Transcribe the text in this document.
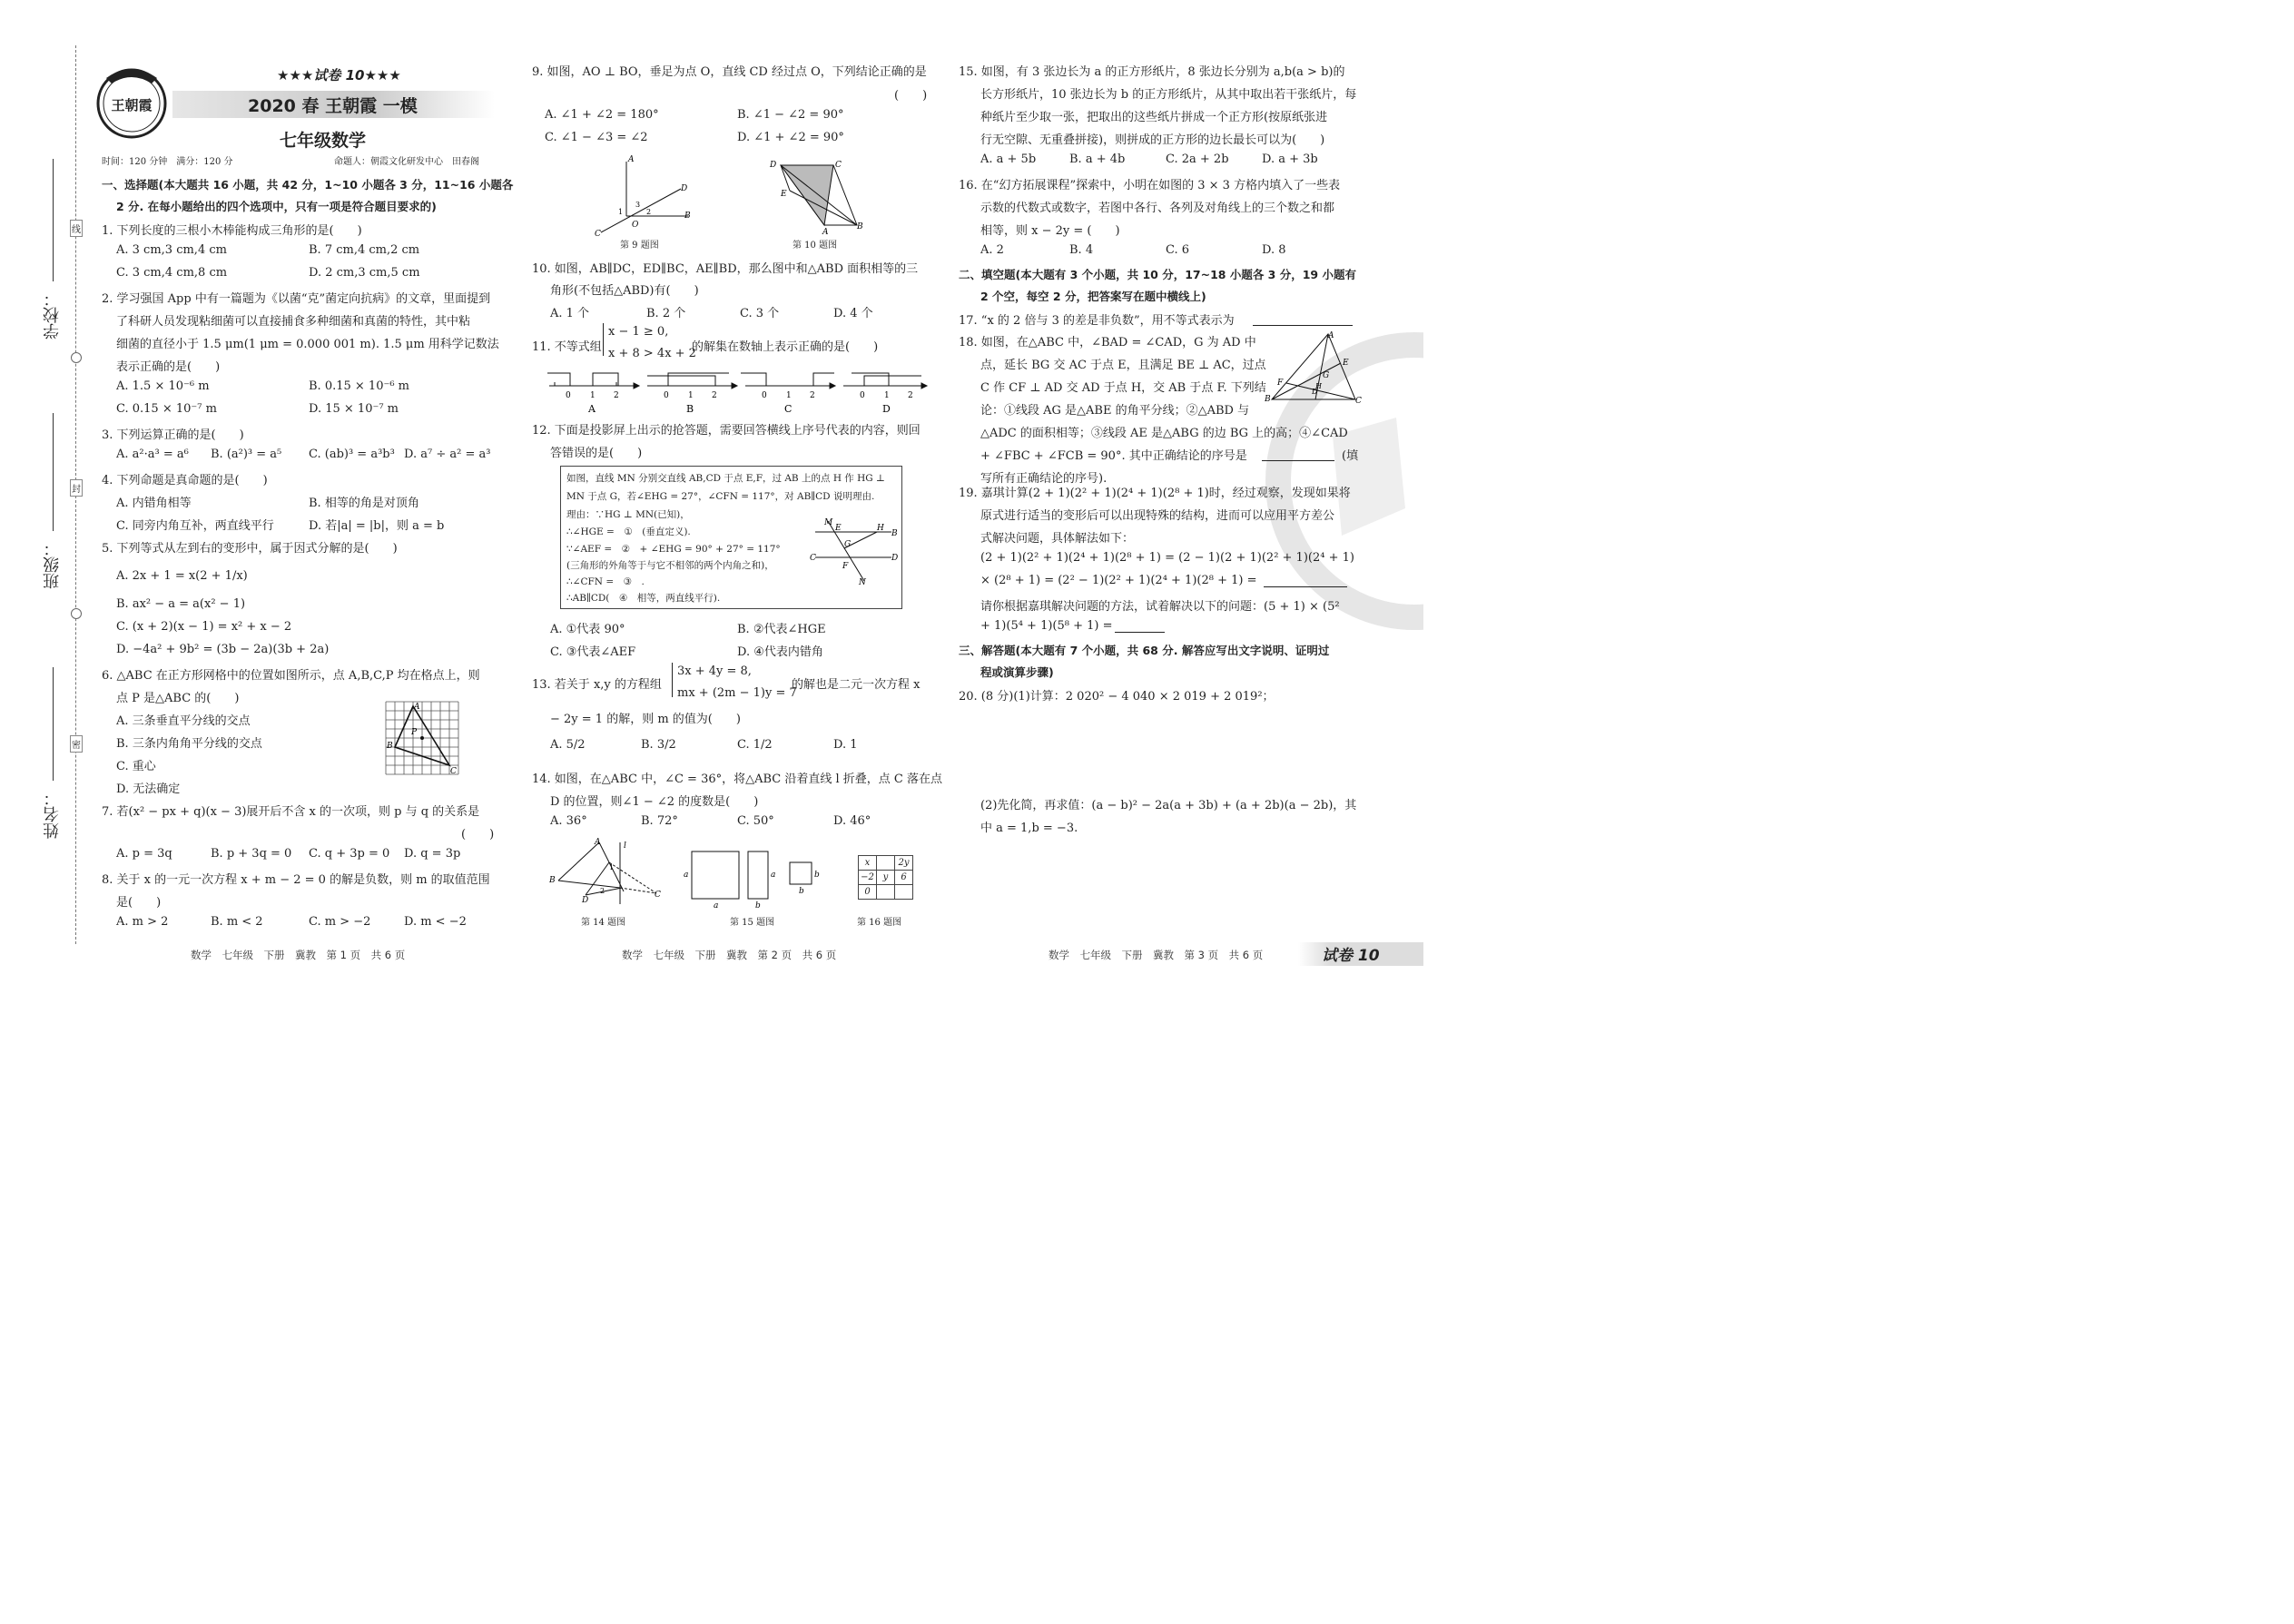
学校：
班级：
姓名：
线
封
密
王朝霞
★★★试卷 10★★★
2020 春 王朝霞 一模
七年级数学
时间：120 分钟　满分：120 分	命题人：朝霞文化研发中心　田春阁
一、选择题(本大题共 16 小题，共 42 分，1~10 小题各 3 分，11~16 小题各
2 分. 在每小题给出的四个选项中，只有一项是符合题目要求的)
1. 下列长度的三根小木棒能构成三角形的是(　　)
A. 3 cm,3 cm,4 cm	B. 7 cm,4 cm,2 cm
C. 3 cm,4 cm,8 cm	D. 2 cm,3 cm,5 cm
2. 学习强国 App 中有一篇题为《以菌“克”菌定向抗病》的文章，里面提到
了科研人员发现粘细菌可以直接捕食多种细菌和真菌的特性，其中粘
细菌的直径小于 1.5 μm(1 μm = 0.000 001 m). 1.5 μm 用科学记数法
表示正确的是(　　)
A. 1.5 × 10⁻⁶ m	B. 0.15 × 10⁻⁶ m
C. 0.15 × 10⁻⁷ m	D. 15 × 10⁻⁷ m
3. 下列运算正确的是(　　)
A. a²·a³ = a⁶ B. (a²)³ = a⁵ C. (ab)³ = a³b³ D. a⁷ ÷ a² = a³
4. 下列命题是真命题的是(　　)
A. 内错角相等	B. 相等的角是对顶角
C. 同旁内角互补，两直线平行	D. 若|a| = |b|，则 a = b
5. 下列等式从左到右的变形中，属于因式分解的是(　　)
A. 2x + 1 = x(2 + 1/x)
B. ax² − a = a(x² − 1)
C. (x + 2)(x − 1) = x² + x − 2
D. −4a² + 9b² = (3b − 2a)(3b + 2a)
6. △ABC 在正方形网格中的位置如图所示，点 A,B,C,P 均在格点上，则
点 P 是△ABC 的(　　)
A. 三条垂直平分线的交点
B. 三条内角角平分线的交点
C. 重心
D. 无法确定
A
B
C
P
7. 若(x² − px + q)(x − 3)展开后不含 x 的一次项，则 p 与 q 的关系是
(　　)
A. p = 3q	B. p + 3q = 0 C. q + 3p = 0 D. q = 3p
8. 关于 x 的一元一次方程 x + m − 2 = 0 的解是负数，则 m 的取值范围
是(　　)
A. m > 2	B. m < 2	C. m > −2	D. m < −2
9. 如图，AO ⊥ BO，垂足为点 O，直线 CD 经过点 O，下列结论正确的是
(　　)
A. ∠1 + ∠2 = 180°	B. ∠1 − ∠2 = 90°
C. ∠1 − ∠3 = ∠2	D. ∠1 + ∠2 = 90°
A
B
D
C
O
1
3
2
第 9 题图
D	C
E
A
B
第 10 题图
10. 如图，AB∥DC，ED∥BC，AE∥BD，那么图中和△ABD 面积相等的三
角形(不包括△ABD)有(　　)
A. 1 个	B. 2 个	C. 3 个	D. 4 个
11. 不等式组
x − 1 ≥ 0,
x + 8 > 4x + 2
的解集在数轴上表示正确的是(　　)
0 1 2	0 1 2	0 1 2	0 1 2
A	B	C	D
12. 下面是投影屏上出示的抢答题，需要回答横线上序号代表的内容，则回
答错误的是(　　)
如图，直线 MN 分别交直线 AB,CD 于点 E,F，过 AB 上的点 H 作 HG ⊥
MN 于点 G，若∠EHG = 27°，∠CFN = 117°，对 AB∥CD 说明理由.
理由：∵HG ⊥ MN(已知)，
∴∠HGE =　①　(垂直定义).
∵∠AEF =　②　+ ∠EHG = 90° + 27° = 117°
(三角形的外角等于与它不相邻的两个内角之和)，
∴∠CFN =　③　.
∴AB∥CD(　④　相等，两直线平行).
M
E	H
B
C	D
G
F
N
A. ①代表 90°	B. ②代表∠HGE
C. ③代表∠AEF	D. ④代表内错角
13. 若关于 x,y 的方程组
3x + 4y = 8,
mx + (2m − 1)y = 7
的解也是二元一次方程 x
− 2y = 1 的解，则 m 的值为(　　)
A. 5/2	B. 3/2	C. 1/2	D. 1
14. 如图，在△ABC 中，∠C = 36°，将△ABC 沿着直线 l 折叠，点 C 落在点
D 的位置，则∠1 − ∠2 的度数是(　　)
A. 36°	B. 72°	C. 50°	D. 46°
A
B
C
D
l
1
2
第 14 题图
a
a
a
b
b
b
第 15 题图
x		2y
−2	y	6
0		
第 16 题图
15. 如图，有 3 张边长为 a 的正方形纸片，8 张边长分别为 a,b(a > b)的
长方形纸片，10 张边长为 b 的正方形纸片，从其中取出若干张纸片，每
种纸片至少取一张，把取出的这些纸片拼成一个正方形(按原纸张进
行无空隙、无重叠拼接)，则拼成的正方形的边长最长可以为(　　)
A. a + 5b	B. a + 4b	C. 2a + 2b	D. a + 3b
16. 在“幻方拓展课程”探索中，小明在如图的 3 × 3 方格内填入了一些表
示数的代数式或数字，若图中各行、各列及对角线上的三个数之和都
相等，则 x − 2y = (　　)
A. 2	B. 4	C. 6	D. 8
二、填空题(本大题有 3 个小题，共 10 分，17~18 小题各 3 分，19 小题有
2 个空，每空 2 分，把答案写在题中横线上)
17. “x 的 2 倍与 3 的差是非负数”，用不等式表示为
18. 如图，在△ABC 中，∠BAD = ∠CAD，G 为 AD 中
点，延长 BG 交 AC 于点 E，且满足 BE ⊥ AC，过点
C 作 CF ⊥ AD 交 AD 于点 H，交 AB 于点 F. 下列结
论：①线段 AG 是△ABE 的角平分线；②△ABD 与
△ADC 的面积相等；③线段 AE 是△ABG 的边 BG 上的高；④∠CAD
+ ∠FBC + ∠FCB = 90°. 其中正确结论的序号是	(填
写所有正确结论的序号).
A
B	C
D
E
F
G
H
19. 嘉琪计算(2 + 1)(2² + 1)(2⁴ + 1)(2⁸ + 1)时，经过观察，发现如果将
原式进行适当的变形后可以出现特殊的结构，进而可以应用平方差公
式解决问题，具体解法如下：
(2 + 1)(2² + 1)(2⁴ + 1)(2⁸ + 1) = (2 − 1)(2 + 1)(2² + 1)(2⁴ + 1)
× (2⁸ + 1) = (2² − 1)(2² + 1)(2⁴ + 1)(2⁸ + 1) =
请你根据嘉琪解决问题的方法，试着解决以下的问题：(5 + 1) × (5²
+ 1)(5⁴ + 1)(5⁸ + 1) =
三、解答题(本大题有 7 个小题，共 68 分. 解答应写出文字说明、证明过
程或演算步骤)
20. (8 分)(1)计算：2 020² − 4 040 × 2 019 + 2 019²；
(2)先化简，再求值：(a − b)² − 2a(a + 3b) + (a + 2b)(a − 2b)，其
中 a = 1,b = −3.
数学　七年级　下册　冀教　第 1 页　共 6 页	数学　七年级　下册　冀教　第 2 页　共 6 页	数学　七年级　下册　冀教　第 3 页　共 6 页	试卷 10
